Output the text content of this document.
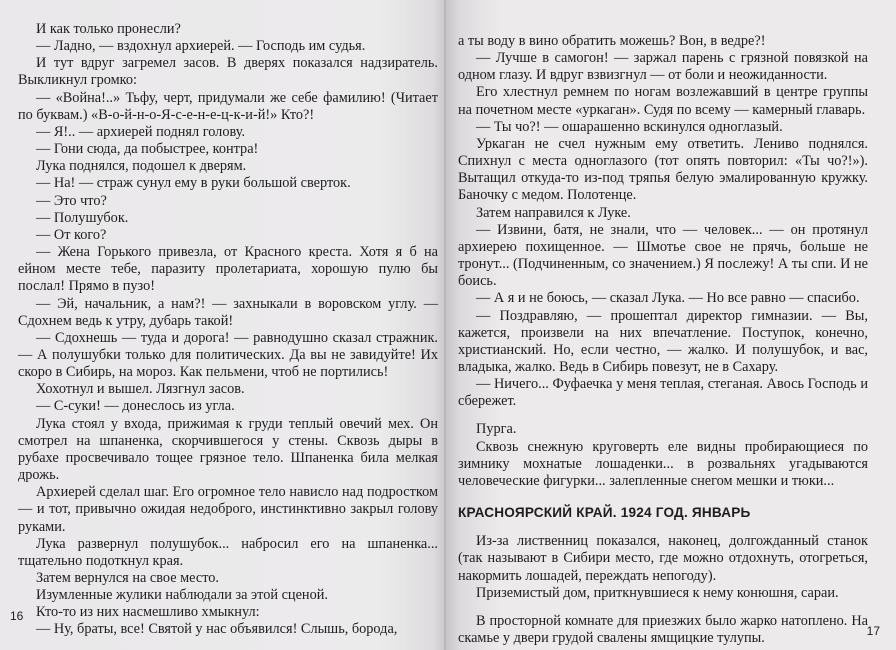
И как только пронесли?

— Ладно, — вздохнул архиерей. — Господь им судья.

И тут вдруг загремел засов. В дверях показался надзиратель. Выкликнул громко:

— «Война!..» Тьфу, черт, придумали же себе фамилию! (Читает по буквам.) «В-о-й-н-о-Я-с-е-н-е-ц-к-и-й!» Кто?!

— Я!.. — архиерей поднял голову.

— Гони сюда, да побыстрее, контра!

Лука поднялся, подошел к дверям.

— На! — страж сунул ему в руки большой сверток.

— Это что?

— Полушубок.

— От кого?

— Жена Горького привезла, от Красного креста. Хотя я б на ейном месте тебе, паразиту пролетариата, хорошую пулю бы послал! Прямо в пузо!

— Эй, начальник, а нам?! — захныкали в воровском углу. — Сдохнем ведь к утру, дубарь такой!

— Сдохнешь — туда и дорога! — равнодушно сказал стражник. — А полушубки только для политических. Да вы не завидуйте! Их скоро в Сибирь, на мороз. Как пельмени, чтоб не портились!

Хохотнул и вышел. Лязгнул засов.

— С-суки! — донеслось из угла.

Лука стоял у входа, прижимая к груди теплый овечий мех. Он смотрел на шпаненка, скорчившегося у стены. Сквозь дыры в рубахе просвечивало тощее грязное тело. Шпаненка била мелкая дрожь.

Архиерей сделал шаг. Его огромное тело нависло над подростком — и тот, привычно ожидая недоброго, инстинктивно закрыл голову руками.

Лука развернул полушубок... набросил его на шпаненка... тщательно подоткнул края.

Затем вернулся на свое место.

Изумленные жулики наблюдали за этой сценой.

Кто-то из них насмешливо хмыкнул:

— Ну, браты, все! Святой у нас объявился! Слышь, борода,

16

а ты воду в вино обратить можешь? Вон, в ведре?!

— Лучше в самогон! — заржал парень с грязной повязкой на одном глазу. И вдруг взвизгнул — от боли и неожиданности.

Его хлестнул ремнем по ногам возлежавший в центре группы на почетном месте «уркаган». Судя по всему — камерный главарь.

— Ты чо?! — ошарашенно вскинулся одноглазый.

Уркаган не счел нужным ему ответить. Лениво поднялся. Спихнул с места одноглазого (тот опять повторил: «Ты чо?!»). Вытащил откуда-то из-под тряпья белую эмалированную кружку. Баночку с медом. Полотенце.

Затем направился к Луке.

— Извини, батя, не знали, что — человек... — он протянул архиерею похищенное. — Шмотье свое не прячь, больше не тронут... (Подчиненным, со значением.) Я послежу! А ты спи. И не боись.

— А я и не боюсь, — сказал Лука. — Но все равно — спасибо.

— Поздравляю, — прошептал директор гимназии. — Вы, кажется, произвели на них впечатление. Поступок, конечно, христианский. Но, если честно, — жалко. И полушубок, и вас, владыка, жалко. Ведь в Сибирь повезут, не в Сахару.

— Ничего... Фуфаечка у меня теплая, стеганая. Авось Господь и сбережет.

Пурга.

Сквозь снежную круговерть еле видны пробирающиеся по зимнику мохнатые лошаденки... в розвальнях угадываются человеческие фигурки... залепленные снегом мешки и тюки...

КРАСНОЯРСКИЙ КРАЙ. 1924 ГОД. ЯНВАРЬ

Из-за лиственниц показался, наконец, долгожданный станок (так называют в Сибири место, где можно отдохнуть, отогреться, накормить лошадей, переждать непогоду).

Приземистый дом, приткнувшиеся к нему конюшня, сараи.

В просторной комнате для приезжих было жарко натоплено. На скамье у двери грудой свалены ямщицкие тулупы.	17
